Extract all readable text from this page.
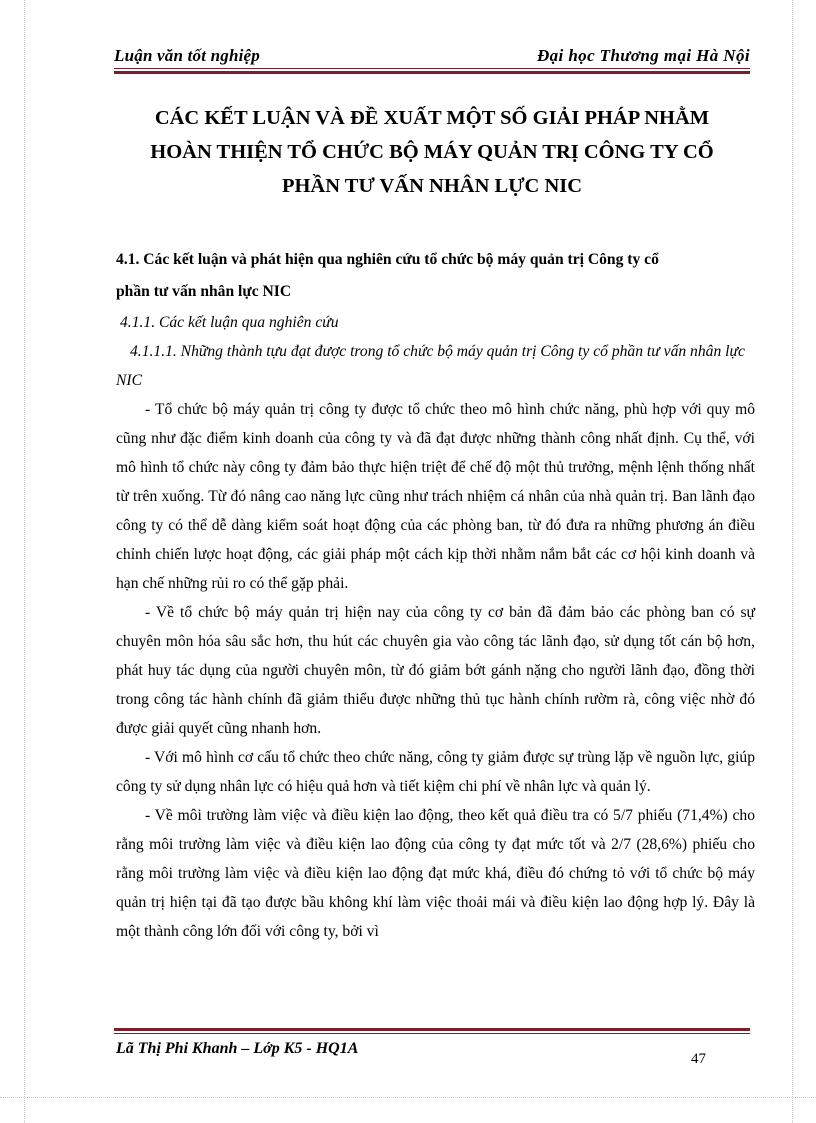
Luận văn tốt nghiệp	Đại học Thương mại Hà Nội
CÁC KẾT LUẬN VÀ ĐỀ XUẤT MỘT SỐ GIẢI PHÁP NHẰM
HOÀN THIỆN TỔ CHỨC BỘ MÁY QUẢN TRỊ CÔNG TY CỔ
PHẦN TƯ VẤN NHÂN LỰC NIC
4.1. Các kết luận và phát hiện qua nghiên cứu tổ chức bộ máy quản trị Công ty cổ
phần tư vấn nhân lực NIC
4.1.1. Các kết luận qua nghiên cứu
4.1.1.1. Những thành tựu đạt được trong tổ chức bộ máy quản trị Công ty cổ phần tư vấn nhân lực NIC

- Tổ chức bộ máy quản trị công ty được tổ chức theo mô hình chức năng, phù hợp với quy mô cũng như đặc điểm kinh doanh của công ty và đã đạt được những thành công nhất định. Cụ thể, với mô hình tổ chức này công ty đảm bảo thực hiện triệt để chế độ một thủ trưởng, mệnh lệnh thống nhất từ trên xuống. Từ đó nâng cao năng lực cũng như trách nhiệm cá nhân của nhà quản trị. Ban lãnh đạo công ty có thể dễ dàng kiểm soát hoạt động của các phòng ban, từ đó đưa ra những phương án điều chỉnh chiến lược hoạt động, các giải pháp một cách kịp thời nhằm nắm bắt các cơ hội kinh doanh và hạn chế những rủi ro có thể gặp phải.

- Về tổ chức bộ máy quản trị hiện nay của công ty cơ bản đã đảm bảo các phòng ban có sự chuyên môn hóa sâu sắc hơn, thu hút các chuyên gia vào công tác lãnh đạo, sử dụng tốt cán bộ hơn, phát huy tác dụng của người chuyên môn, từ đó giảm bớt gánh nặng cho người lãnh đạo, đồng thời trong công tác hành chính đã giảm thiểu được những thủ tục hành chính rườm rà, công việc nhờ đó được giải quyết cũng nhanh hơn.

- Với mô hình cơ cấu tổ chức theo chức năng, công ty giảm được sự trùng lặp về nguồn lực, giúp công ty sử dụng nhân lực có hiệu quả hơn và tiết kiệm chi phí về nhân lực và quản lý.

- Về môi trường làm việc và điều kiện lao động, theo kết quả điều tra có 5/7 phiếu (71,4%) cho rằng môi trường làm việc và điều kiện lao động của công ty đạt mức tốt và 2/7 (28,6%) phiếu cho rằng môi trường làm việc và điều kiện lao động đạt mức khá, điều đó chứng tỏ với tổ chức bộ máy quản trị hiện tại đã tạo được bầu không khí làm việc thoải mái và điều kiện lao động hợp lý. Đây là một thành công lớn đối với công ty, bởi vì

Lã Thị Phi Khanh – Lớp K5 - HQ1A
47
